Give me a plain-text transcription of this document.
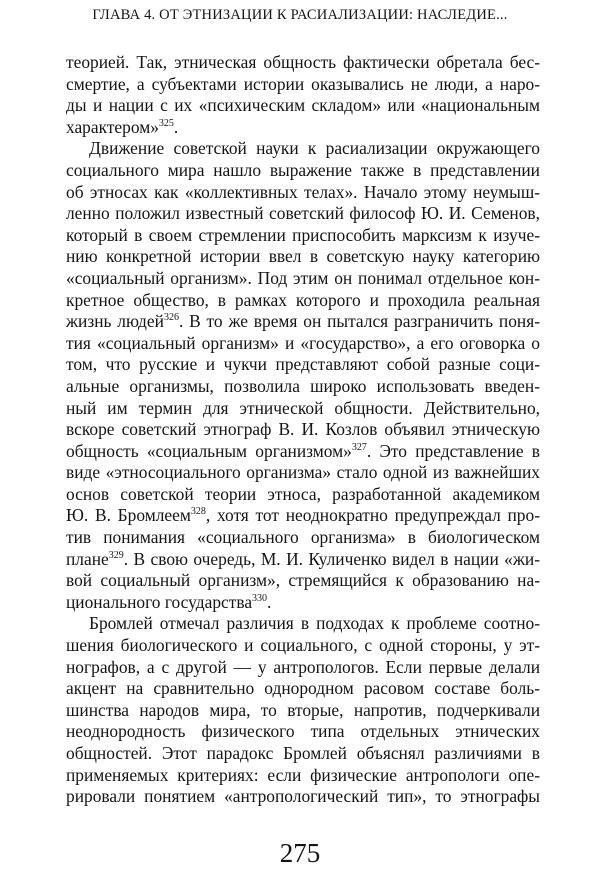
ГЛАВА 4. ОТ ЭТНИЗАЦИИ К РАСИАЛИЗАЦИИ: НАСЛЕДИЕ...
теорией. Так, этническая общность фактически обретала бес-
смертие, а субъектами истории оказывались не люди, а наро-
ды и нации с их «психическим складом» или «национальным
характером»$^{325}$.
Движение советской науки к расиализации окружающего
социального мира нашло выражение также в представлении
об этносах как «коллективных телах». Начало этому неумыш-
ленно положил известный советский философ Ю. И. Семенов,
который в своем стремлении приспособить марксизм к изуче-
нию конкретной истории ввел в советскую науку категорию
«социальный организм». Под этим он понимал отдельное кон-
кретное общество, в рамках которого и проходила реальная
жизнь людей$^{326}$. В то же время он пытался разграничить поня-
тия «социальный организм» и «государство», а его оговорка о
том, что русские и чукчи представляют собой разные соци-
альные организмы, позволила широко использовать введен-
ный им термин для этнической общности. Действительно,
вскоре советский этнограф В. И. Козлов объявил этническую
общность «социальным организмом»$^{327}$. Это представление в
виде «этносоциального организма» стало одной из важнейших
основ советской теории этноса, разработанной академиком
Ю. В. Бромлеем$^{328}$, хотя тот неоднократно предупреждал про-
тив понимания «социального организма» в биологическом
плане$^{329}$. В свою очередь, М. И. Куличенко видел в нации «жи-
вой социальный организм», стремящийся к образованию на-
ционального государства$^{330}$.
Бромлей отмечал различия в подходах к проблеме соотно-
шения биологического и социального, с одной стороны, у эт-
нографов, а с другой — у антропологов. Если первые делали
акцент на сравнительно однородном расовом составе боль-
шинства народов мира, то вторые, напротив, подчеркивали
неоднородность физического типа отдельных этнических
общностей. Этот парадокс Бромлей объяснял различиями в
применяемых критериях: если физические антропологи опе-
рировали понятием «антропологический тип», то этнографы
275
